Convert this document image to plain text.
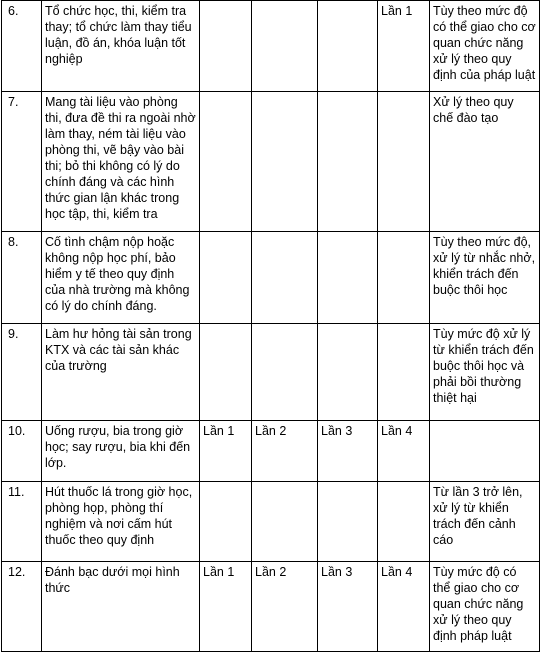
6.	Tổ chức học, thi, kiểm tra thay; tổ chức làm thay tiểu luận, đồ án, khóa luận tốt nghiệp				Lần 1	Tùy theo mức độ có thể giao cho cơ quan chức năng xử lý theo quy định của pháp luật
7.	Mang tài liệu vào phòng thi, đưa đề thi ra ngoài nhờ làm thay, ném tài liệu vào phòng thi, vẽ bậy vào bài thi; bỏ thi không có lý do chính đáng và các hình thức gian lận khác trong học tập, thi, kiểm tra					Xử lý theo quy chế đào tạo
8.	Cố tình chậm nộp hoặc không nộp học phí, bảo hiểm y tế theo quy định của nhà trường mà không có lý do chính đáng.					Tùy theo mức độ, xử lý từ nhắc nhở, khiển trách đến buộc thôi học
9.	Làm hư hỏng tài sản trong KTX và các tài sản khác của trường					Tùy mức độ xử lý từ khiển trách đến buộc thôi học và phải bồi thường thiệt hại
10.	Uống rượu, bia trong giờ học; say rượu, bia khi đến lớp.	Lần 1	Lần 2	Lần 3	Lần 4	
11.	Hút thuốc lá trong giờ học, phòng họp, phòng thí nghiệm và nơi cấm hút thuốc theo quy định					Từ lần 3 trở lên, xử lý từ khiển trách đến cảnh cáo
12.	Đánh bạc dưới mọi hình thức	Lần 1	Lần 2	Lần 3	Lần 4	Tùy mức độ có thể giao cho cơ quan chức năng xử lý theo quy định pháp luật
